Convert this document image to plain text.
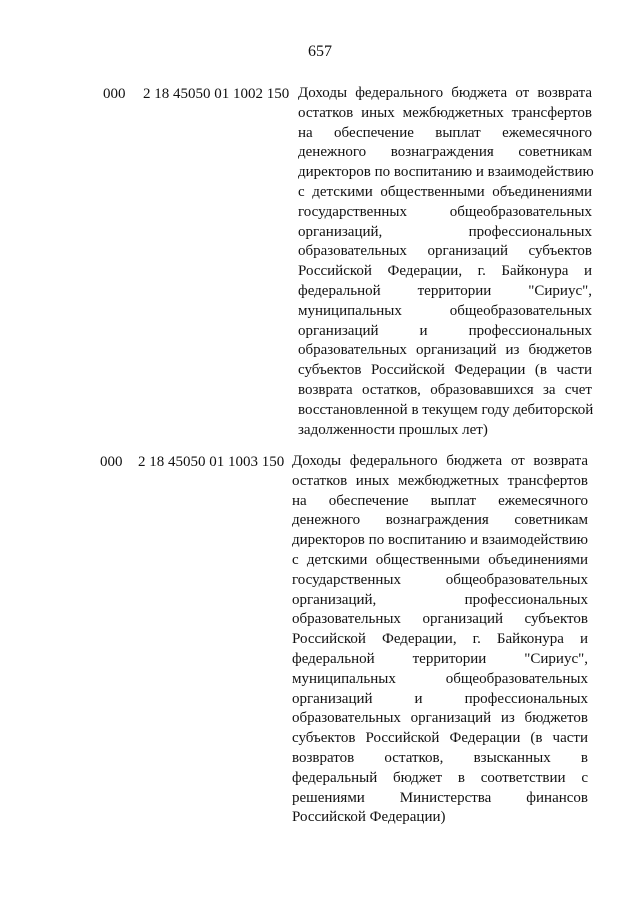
657
000 2 18 45050 01 1002 150 Доходы федерального бюджета от возврата
остатков иных межбюджетных трансфертов
на обеспечение выплат ежемесячного
денежного вознаграждения советникам
директоров по воспитанию и взаимодействию
с детскими общественными объединениями
государственных общеобразовательных
организаций, профессиональных
образовательных организаций субъектов
Российской Федерации, г. Байконура и
федеральной территории "Сириус",
муниципальных общеобразовательных
организаций и профессиональных
образовательных организаций из бюджетов
субъектов Российской Федерации (в части
возврата остатков, образовавшихся за счет
восстановленной в текущем году дебиторской
задолженности прошлых лет)
000 2 18 45050 01 1003 150 Доходы федерального бюджета от возврата
остатков иных межбюджетных трансфертов
на обеспечение выплат ежемесячного
денежного вознаграждения советникам
директоров по воспитанию и взаимодействию
с детскими общественными объединениями
государственных общеобразовательных
организаций, профессиональных
образовательных организаций субъектов
Российской Федерации, г. Байконура и
федеральной территории "Сириус",
муниципальных общеобразовательных
организаций и профессиональных
образовательных организаций из бюджетов
субъектов Российской Федерации (в части
возвратов остатков, взысканных в
федеральный бюджет в соответствии с
решениями Министерства финансов
Российской Федерации)
